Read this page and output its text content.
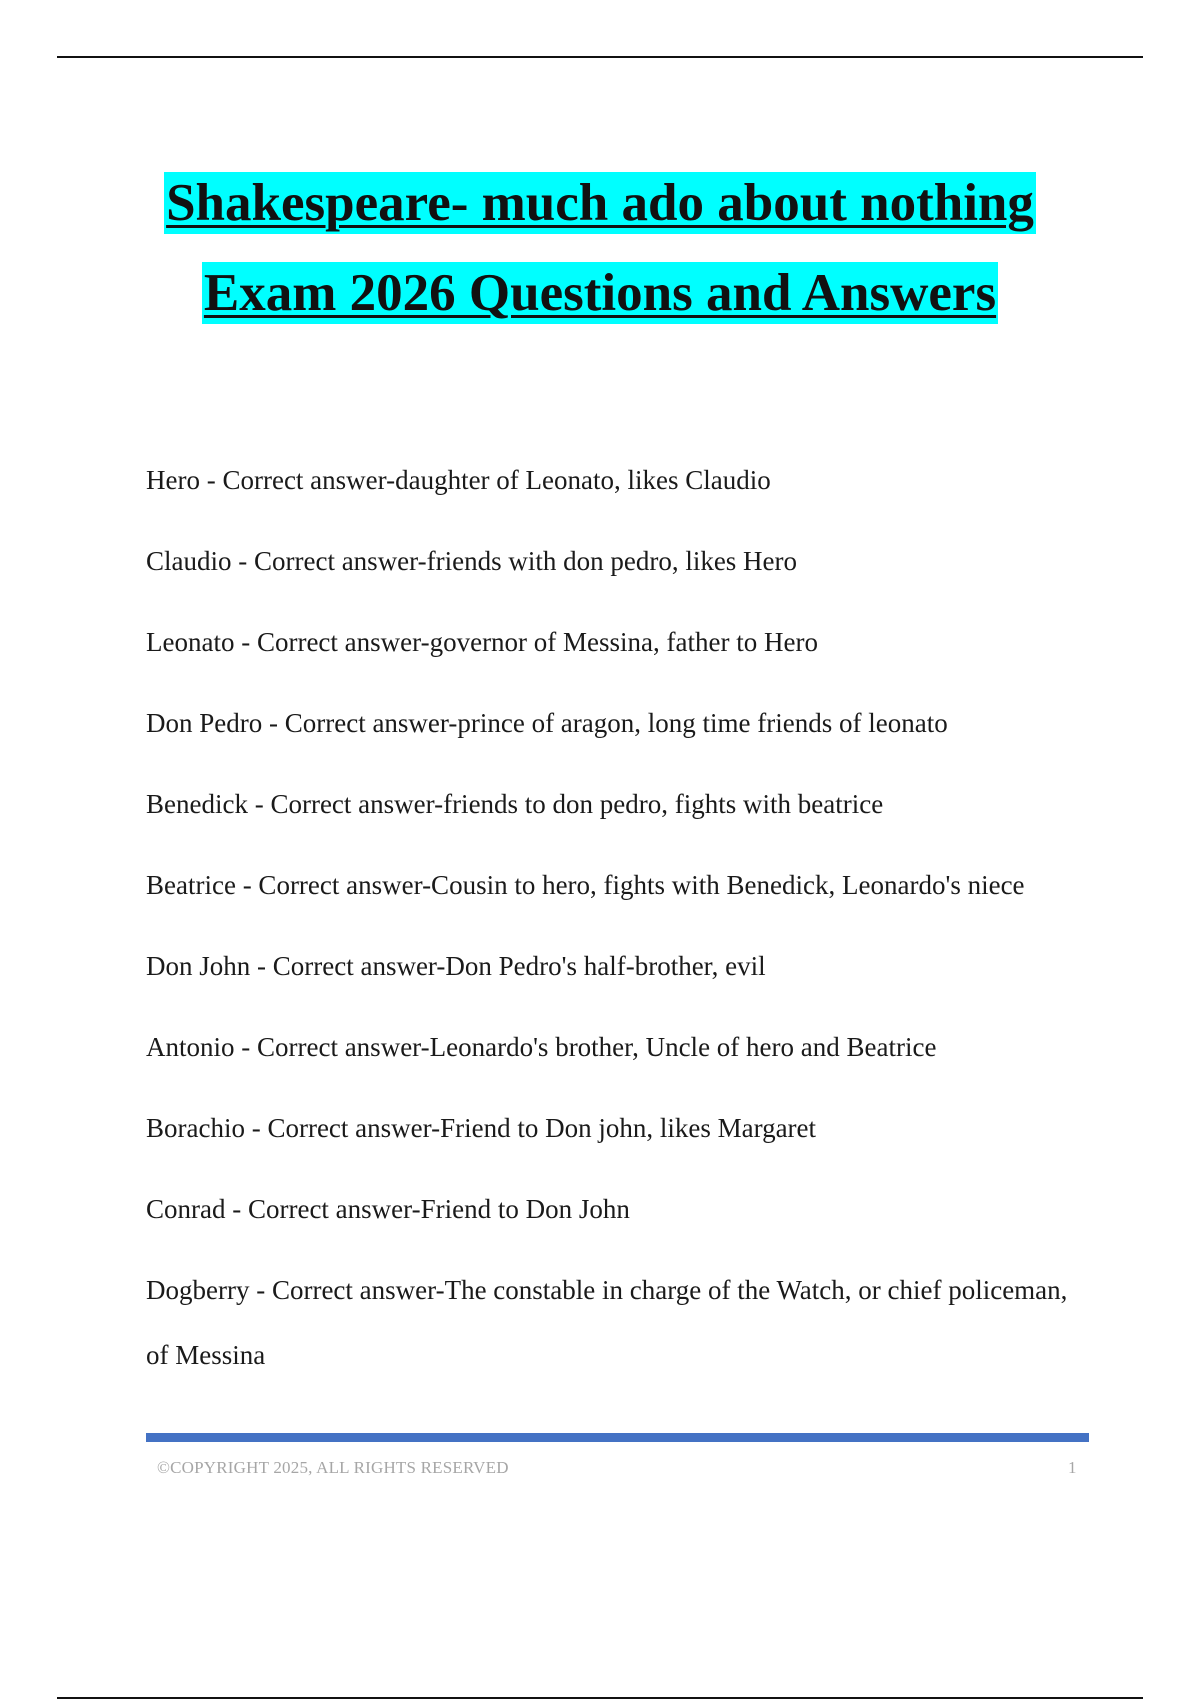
Shakespeare- much ado about nothing
Exam 2026 Questions and Answers
Hero - Correct answer-daughter of Leonato, likes Claudio
Claudio - Correct answer-friends with don pedro, likes Hero
Leonato - Correct answer-governor of Messina, father to Hero
Don Pedro - Correct answer-prince of aragon, long time friends of leonato
Benedick - Correct answer-friends to don pedro, fights with beatrice
Beatrice - Correct answer-Cousin to hero, fights with Benedick, Leonardo's niece
Don John - Correct answer-Don Pedro's half-brother, evil
Antonio - Correct answer-Leonardo's brother, Uncle of hero and Beatrice
Borachio - Correct answer-Friend to Don john, likes Margaret
Conrad - Correct answer-Friend to Don John
Dogberry - Correct answer-The constable in charge of the Watch, or chief policeman, of Messina
©COPYRIGHT 2025, ALL RIGHTS RESERVED	1
